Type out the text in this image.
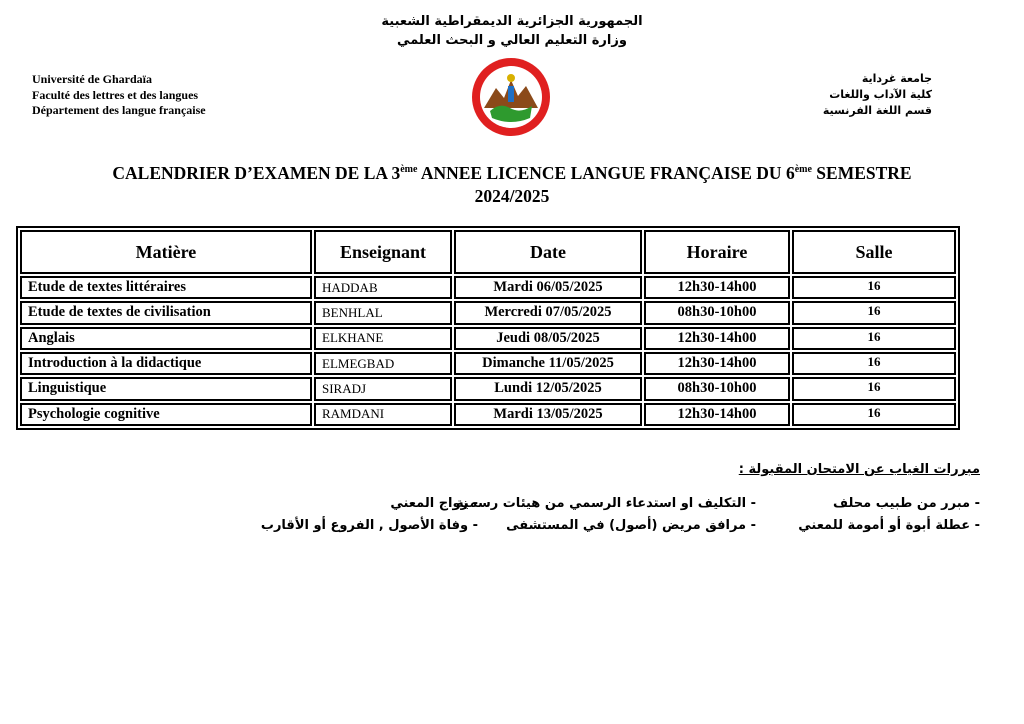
الجمهورية الجزائرية الديمقراطية الشعبية
وزارة التعليم العالي و البحث العلمي
Université de Ghardaïa
Faculté des lettres et des langues
Département des langue française
جامعة غرداية
كلية الآداب واللغات
قسم اللغة الفرنسية
CALENDRIER D’EXAMEN DE LA 3ème ANNEE LICENCE LANGUE FRANÇAISE DU 6ème SEMESTRE
2024/2025
Matière	Enseignant	Date	Horaire	Salle
Etude de textes littéraires	HADDAB	Mardi 06/05/2025	12h30-14h00	16
Etude de textes de civilisation	BENHLAL	Mercredi 07/05/2025	08h30-10h00	16
Anglais	ELKHANE	Jeudi 08/05/2025	12h30-14h00	16
Introduction à la didactique	ELMEGBAD	Dimanche 11/05/2025	12h30-14h00	16
Linguistique	SIRADJ	Lundi 12/05/2025	08h30-10h00	16
Psychologie cognitive	RAMDANI	Mardi 13/05/2025	12h30-14h00	16
مبررات الغياب عن الامتحان المقبولة :
- مبرر من طبيب محلف
- التكليف او استدعاء الرسمي من هيئات رسمية
- زواج المعني
- عطلة أبوة أو أمومة للمعني
- مرافق مريض (أصول) في المستشفى
- وفاة الأصول , الفروع أو الأقارب
